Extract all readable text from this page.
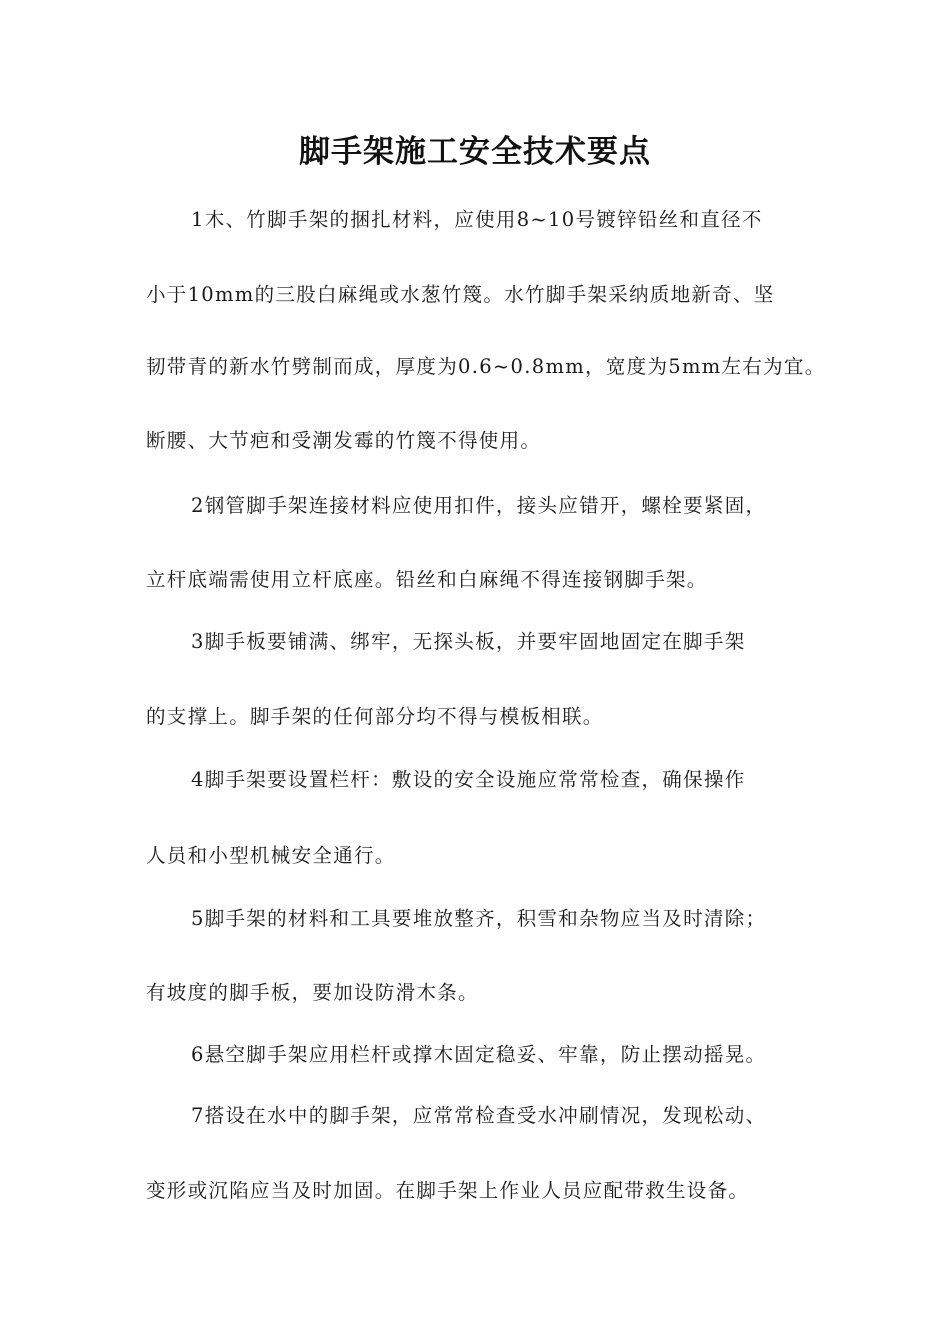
脚手架施工安全技术要点
1木、竹脚手架的捆扎材料，应使用8~10号镀锌铅丝和直径不
小于10mm的三股白麻绳或水葱竹篾。水竹脚手架采纳质地新奇、坚
韧带青的新水竹劈制而成，厚度为0.6~0.8mm，宽度为5mm左右为宜。
断腰、大节疤和受潮发霉的竹篾不得使用。
2钢管脚手架连接材料应使用扣件，接头应错开，螺栓要紧固，
立杆底端需使用立杆底座。铅丝和白麻绳不得连接钢脚手架。
3脚手板要铺满、绑牢，无探头板，并要牢固地固定在脚手架
的支撑上。脚手架的任何部分均不得与模板相联。
4脚手架要设置栏杆：敷设的安全设施应常常检查，确保操作
人员和小型机械安全通行。
5脚手架的材料和工具要堆放整齐，积雪和杂物应当及时清除；
有坡度的脚手板，要加设防滑木条。
6悬空脚手架应用栏杆或撑木固定稳妥、牢靠，防止摆动摇晃。
7搭设在水中的脚手架，应常常检查受水冲刷情况，发现松动、
变形或沉陷应当及时加固。在脚手架上作业人员应配带救生设备。
